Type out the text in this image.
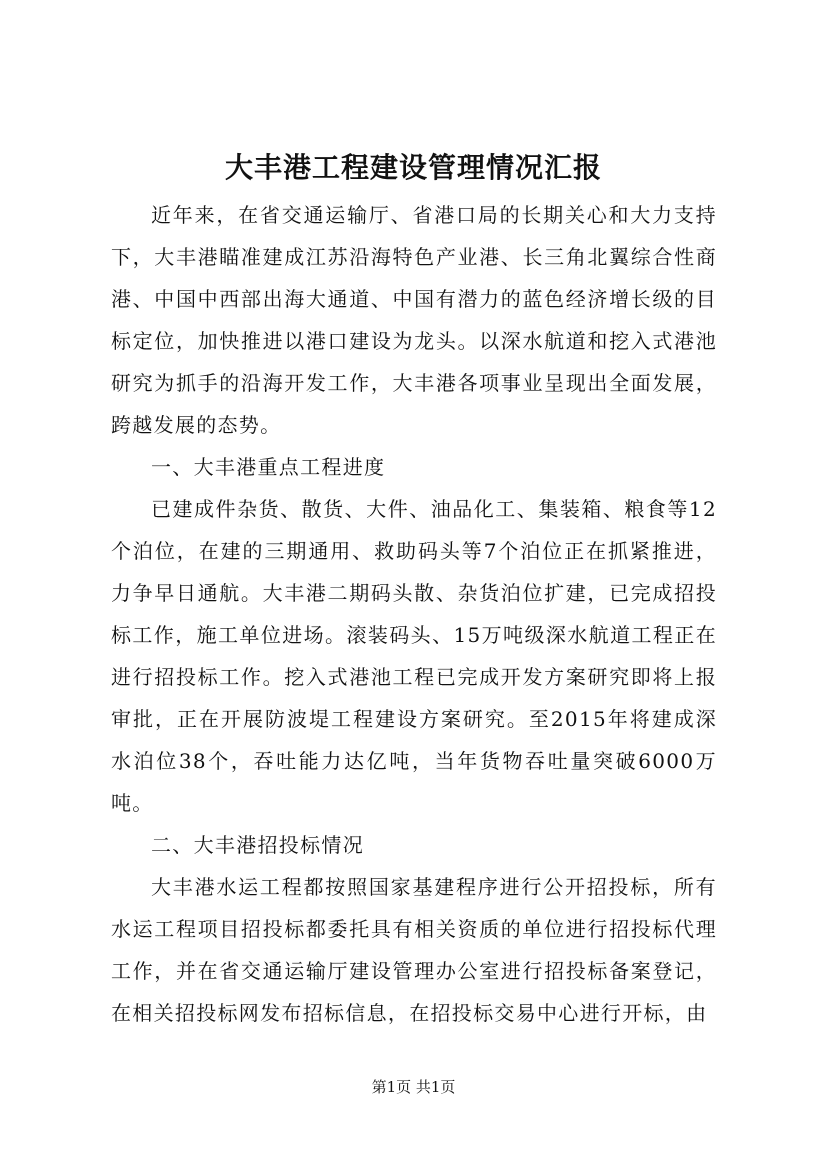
大丰港工程建设管理情况汇报

近年来，在省交通运输厅、省港口局的长期关心和大力支持下，大丰港瞄准建成江苏沿海特色产业港、长三角北翼综合性商港、中国中西部出海大通道、中国有潜力的蓝色经济增长级的目标定位，加快推进以港口建设为龙头。以深水航道和挖入式港池研究为抓手的沿海开发工作，大丰港各项事业呈现出全面发展，跨越发展的态势。

一、大丰港重点工程进度

已建成件杂货、散货、大件、油品化工、集装箱、粮食等12个泊位，在建的三期通用、救助码头等7个泊位正在抓紧推进，力争早日通航。大丰港二期码头散、杂货泊位扩建，已完成招投标工作，施工单位进场。滚装码头、15万吨级深水航道工程正在进行招投标工作。挖入式港池工程已完成开发方案研究即将上报审批，正在开展防波堤工程建设方案研究。至2015年将建成深水泊位38个，吞吐能力达亿吨，当年货物吞吐量突破6000万吨。

二、大丰港招投标情况

大丰港水运工程都按照国家基建程序进行公开招投标，所有水运工程项目招投标都委托具有相关资质的单位进行招投标代理工作，并在省交通运输厅建设管理办公室进行招投标备案登记，在相关招投标网发布招标信息，在招投标交易中心进行开标，由

第1页 共1页
